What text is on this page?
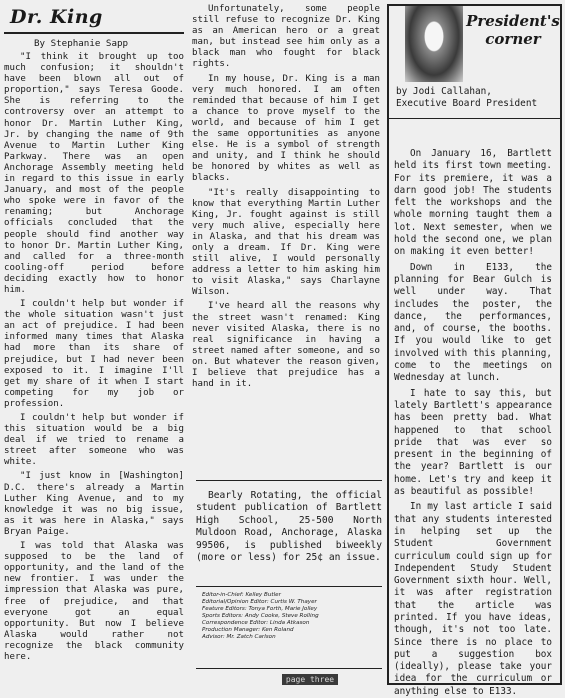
Dr. King
By Stephanie Sapp

"I think it brought up too much confusion; it shouldn't have been blown all out of proportion," says Teresa Goode. She is referring to the controversy over an attempt to honor Dr. Martin Luther King, Jr. by changing the name of 9th Avenue to Martin Luther King Parkway. There was an open Anchorage Assembly meeting held in regard to this issue in early January, and most of the people who spoke were in favor of the renaming; but Anchorage officials concluded that the people should find another way to honor Dr. Martin Luther King, and called for a three-month cooling-off period before deciding exactly how to honor him.

I couldn't help but wonder if the whole situation wasn't just an act of prejudice. I had been informed many times that Alaska had more than its share of prejudice, but I had never been exposed to it. I imagine I'll get my share of it when I start competing for my job or profession.

I couldn't help but wonder if this situation would be a big deal if we tried to rename a street after someone who was white.

"I just know in [Washington] D.C. there's already a Martin Luther King Avenue, and to my knowledge it was no big issue, as it was here in Alaska," says Bryan Paige.

I was told that Alaska was supposed to be the land of opportunity, and the land of the new frontier. I was under the impression that Alaska was pure, free of prejudice, and that everyone got an equal opportunity. But now I believe Alaska would rather not recognize the black community here.

Unfortunately, some people still refuse to recognize Dr. King as an American hero or a great man, but instead see him only as a black man who fought for black rights.

In my house, Dr. King is a man very much honored. I am often reminded that because of him I get a chance to prove myself to the world, and because of him I get the same opportunities as anyone else. He is a symbol of strength and unity, and I think he should be honored by whites as well as blacks.

"It's really disappointing to know that everything Martin Luther King, Jr. fought against is still very much alive, especially here in Alaska, and that his dream was only a dream. If Dr. King were still alive, I would personally address a letter to him asking him to visit Alaska," says Charlayne Wilson.

I've heard all the reasons why the street wasn't renamed: King never visited Alaska, there is no real significance in having a street named after someone, and so on. But whatever the reason given, I believe that prejudice has a hand in it.

Bearly Rotating, the official student publication of Bartlett High School, 25-500 North Muldoon Road, Anchorage, Alaska 99506, is published biweekly (more or less) for 25¢ an issue.

Editor-in-Chief: Kelley Butler
Editorial/Opinion Editor: Curtis W. Thayer
Feature Editors: Tonya Forth, Marie Jolley
Sports Editors: Andy Cooke, Steve Rolling
Correspondence Editor: Linda Atkason
Production Manager: Ken Roland
Advisor: Mr. Zatch Carlson
page three
President's
corner
by Jodi Callahan,
Executive Board President

On January 16, Bartlett held its first town meeting. For its premiere, it was a darn good job! The students felt the workshops and the whole morning taught them a lot. Next semester, when we hold the second one, we plan on making it even better!

Down in E133, the planning for Bear Gulch is well under way. That includes the poster, the dance, the performances, and, of course, the booths. If you would like to get involved with this planning, come to the meetings on Wednesday at lunch.

I hate to say this, but lately Bartlett's appearance has been pretty bad. What happened to that school pride that was ever so present in the beginning of the year? Bartlett is our home. Let's try and keep it as beautiful as possible!

In my last article I said that any students interested in helping set up the Student Government curriculum could sign up for Independent Study Student Government sixth hour. Well, it was after registration that the article was printed. If you have ideas, though, it's not too late. Since there is no place to put a suggestion box (ideally), please take your idea for the curriculum or anything else to E133.
